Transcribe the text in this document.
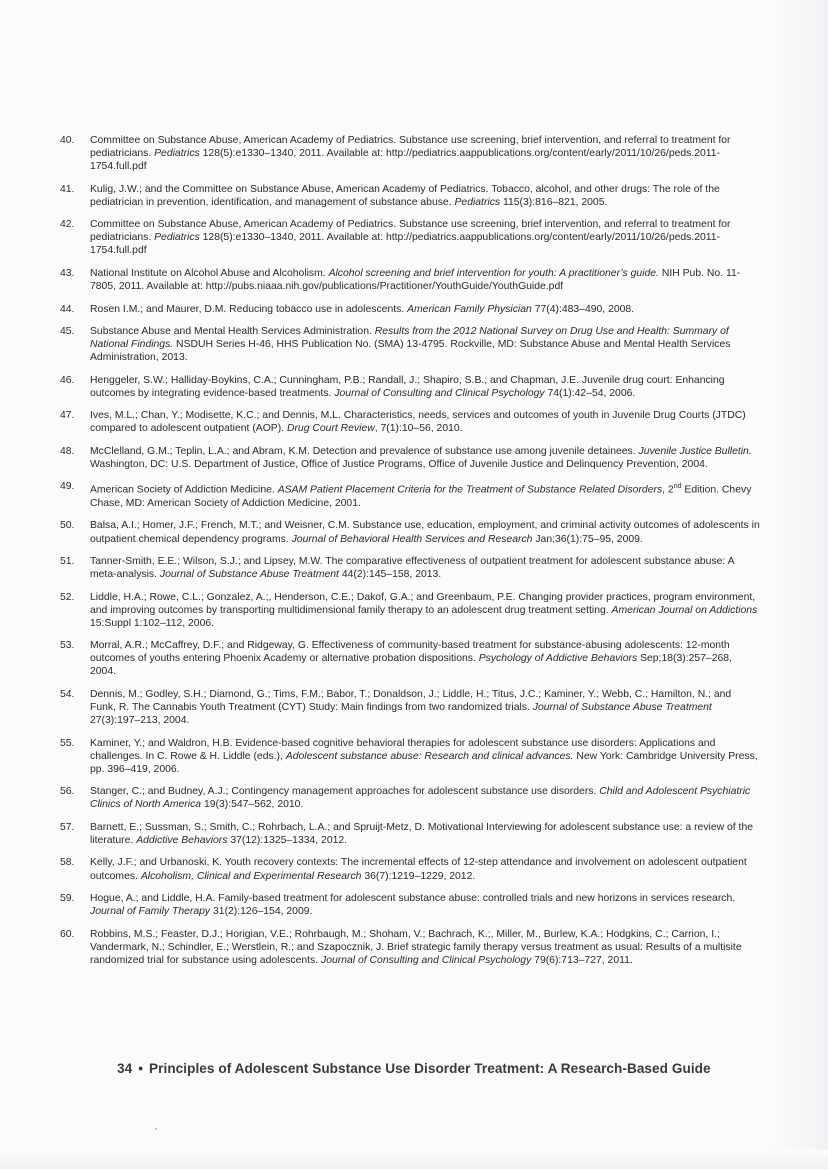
40.	Committee on Substance Abuse, American Academy of Pediatrics. Substance use screening, brief intervention, and referral to treatment for pediatricians. Pediatrics 128(5):e1330–1340, 2011. Available at: http://pediatrics.aappublications.org/content/early/2011/10/26/peds.2011-1754.full.pdf
41.	Kulig, J.W.; and the Committee on Substance Abuse, American Academy of Pediatrics. Tobacco, alcohol, and other drugs: The role of the pediatrician in prevention, identification, and management of substance abuse. Pediatrics 115(3):816–821, 2005.
42.	Committee on Substance Abuse, American Academy of Pediatrics. Substance use screening, brief intervention, and referral to treatment for pediatricians. Pediatrics 128(5):e1330–1340, 2011. Available at: http://pediatrics.aappublications.org/content/early/2011/10/26/peds.2011-1754.full.pdf
43.	National Institute on Alcohol Abuse and Alcoholism. Alcohol screening and brief intervention for youth: A practitioner’s guide. NIH Pub. No. 11-7805, 2011. Available at: http://pubs.niaaa.nih.gov/publications/Practitioner/YouthGuide/YouthGuide.pdf
44.	Rosen I.M.; and Maurer, D.M. Reducing tobacco use in adolescents. American Family Physician 77(4):483–490, 2008.
45.	Substance Abuse and Mental Health Services Administration. Results from the 2012 National Survey on Drug Use and Health: Summary of National Findings. NSDUH Series H-46, HHS Publication No. (SMA) 13-4795. Rockville, MD: Substance Abuse and Mental Health Services Administration, 2013.
46.	Henggeler, S.W.; Halliday-Boykins, C.A.; Cunningham, P.B.; Randall, J.; Shapiro, S.B.; and Chapman, J.E. Juvenile drug court: Enhancing outcomes by integrating evidence-based treatments. Journal of Consulting and Clinical Psychology 74(1):42–54, 2006.
47.	Ives, M.L.; Chan, Y.; Modisette, K.C.; and Dennis, M.L. Characteristics, needs, services and outcomes of youth in Juvenile Drug Courts (JTDC) compared to adolescent outpatient (AOP). Drug Court Review, 7(1):10–56, 2010.
48.	McClelland, G.M.; Teplin, L.A.; and Abram, K.M. Detection and prevalence of substance use among juvenile detainees. Juvenile Justice Bulletin. Washington, DC: U.S. Department of Justice, Office of Justice Programs, Office of Juvenile Justice and Delinquency Prevention, 2004.
49.	American Society of Addiction Medicine. ASAM Patient Placement Criteria for the Treatment of Substance Related Disorders, 2nd Edition. Chevy Chase, MD: American Society of Addiction Medicine, 2001.
50.	Balsa, A.I.; Homer, J.F.; French, M.T.; and Weisner, C.M. Substance use, education, employment, and criminal activity outcomes of adolescents in outpatient chemical dependency programs. Journal of Behavioral Health Services and Research Jan;36(1):75–95, 2009.
51.	Tanner-Smith, E.E.; Wilson, S.J.; and Lipsey, M.W. The comparative effectiveness of outpatient treatment for adolescent substance abuse: A meta-analysis. Journal of Substance Abuse Treatment 44(2):145–158, 2013.
52.	Liddle, H.A.; Rowe, C.L.; Gonzalez, A.;, Henderson, C.E.; Dakof, G.A.; and Greenbaum, P.E. Changing provider practices, program environment, and improving outcomes by transporting multidimensional family therapy to an adolescent drug treatment setting. American Journal on Addictions 15:Suppl 1:102–112, 2006.
53.	Morral, A.R.; McCaffrey, D.F.; and Ridgeway, G. Effectiveness of community-based treatment for substance-abusing adolescents: 12-month outcomes of youths entering Phoenix Academy or alternative probation dispositions. Psychology of Addictive Behaviors Sep;18(3):257–268, 2004.
54.	Dennis, M.; Godley, S.H.; Diamond, G.; Tims, F.M.; Babor, T.; Donaldson, J.; Liddle, H.; Titus, J.C.; Kaminer, Y.; Webb, C.; Hamilton, N.; and Funk, R. The Cannabis Youth Treatment (CYT) Study: Main findings from two randomized trials. Journal of Substance Abuse Treatment 27(3):197–213, 2004.
55.	Kaminer, Y.; and Waldron, H.B. Evidence-based cognitive behavioral therapies for adolescent substance use disorders: Applications and challenges. In C. Rowe & H. Liddle (eds.), Adolescent substance abuse: Research and clinical advances. New York: Cambridge University Press, pp. 396–419, 2006.
56.	Stanger, C.; and Budney, A.J.; Contingency management approaches for adolescent substance use disorders. Child and Adolescent Psychiatric Clinics of North America 19(3):547–562, 2010.
57.	Barnett, E.; Sussman, S.; Smith, C.; Rohrbach, L.A.; and Spruijt-Metz, D. Motivational Interviewing for adolescent substance use: a review of the literature. Addictive Behaviors 37(12):1325–1334, 2012.
58.	Kelly, J.F.; and Urbanoski, K. Youth recovery contexts: The incremental effects of 12-step attendance and involvement on adolescent outpatient outcomes. Alcoholism, Clinical and Experimental Research 36(7):1219–1229, 2012.
59.	Hogue, A.; and Liddle, H.A. Family-based treatment for adolescent substance abuse: controlled trials and new horizons in services research. Journal of Family Therapy 31(2):126–154, 2009.
60.	Robbins, M.S.; Feaster, D.J.; Horigian, V.E.; Rohrbaugh, M.; Shoham, V.; Bachrach, K.;, Miller, M., Burlew, K.A.; Hodgkins, C.; Carrion, I.; Vandermark, N.; Schindler, E.; Werstlein, R.; and Szapocznik, J. Brief strategic family therapy versus treatment as usual: Results of a multisite randomized trial for substance using adolescents. Journal of Consulting and Clinical Psychology 79(6):713–727, 2011.
34 • Principles of Adolescent Substance Use Disorder Treatment: A Research-Based Guide
